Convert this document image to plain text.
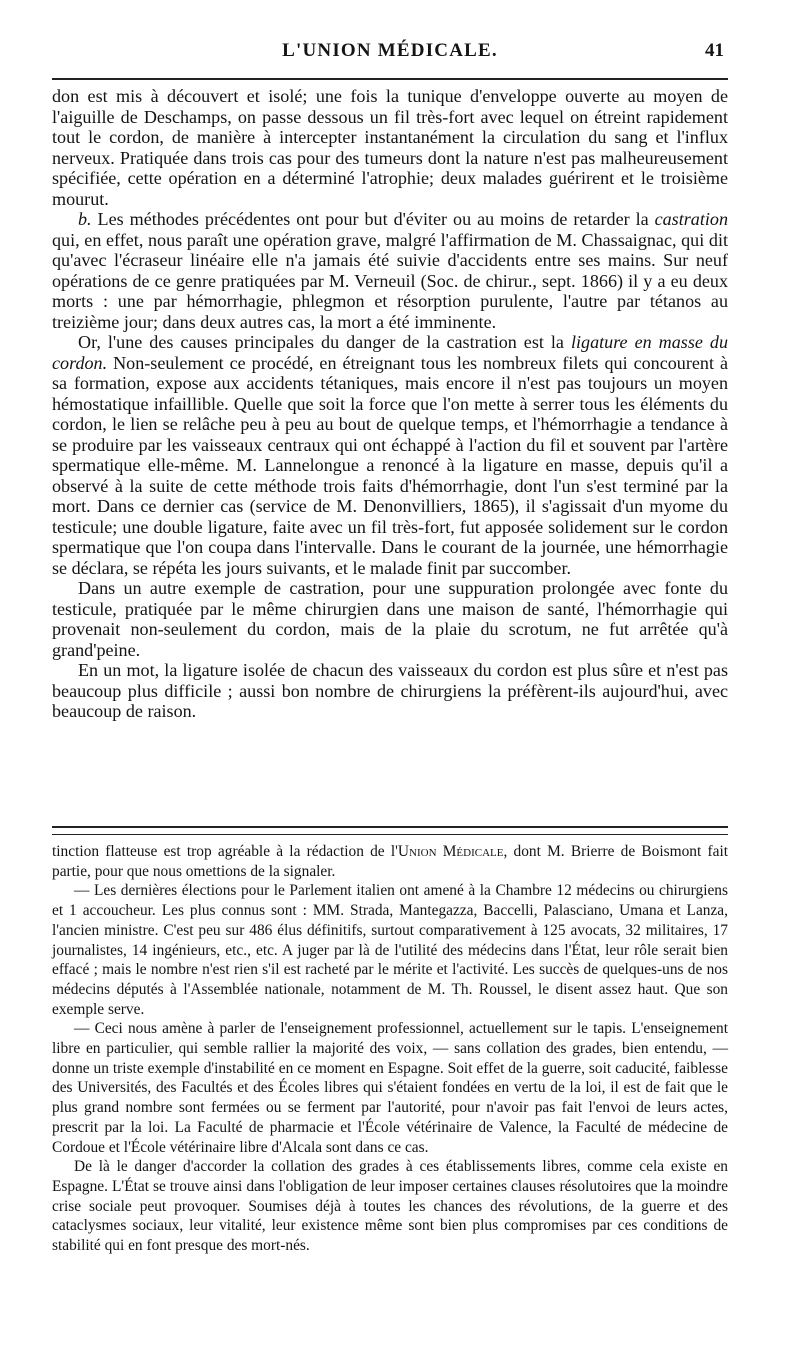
L'UNION MÉDICALE.	41

don est mis à découvert et isolé; une fois la tunique d'enveloppe ouverte au moyen de l'aiguille de Deschamps, on passe dessous un fil très-fort avec lequel on étreint rapidement tout le cordon, de manière à intercepter instantanément la circulation du sang et l'influx nerveux. Pratiquée dans trois cas pour des tumeurs dont la nature n'est pas malheureusement spécifiée, cette opération en a déterminé l'atrophie; deux malades guérirent et le troisième mourut.

b. Les méthodes précédentes ont pour but d'éviter ou au moins de retarder la castration qui, en effet, nous paraît une opération grave, malgré l'affirmation de M. Chassaignac, qui dit qu'avec l'écraseur linéaire elle n'a jamais été suivie d'accidents entre ses mains. Sur neuf opérations de ce genre pratiquées par M. Verneuil (Soc. de chirur., sept. 1866) il y a eu deux morts : une par hémorrhagie, phlegmon et résorption purulente, l'autre par tétanos au treizième jour; dans deux autres cas, la mort a été imminente.

Or, l'une des causes principales du danger de la castration est la ligature en masse du cordon. Non-seulement ce procédé, en étreignant tous les nombreux filets qui concourent à sa formation, expose aux accidents tétaniques, mais encore il n'est pas toujours un moyen hémostatique infaillible. Quelle que soit la force que l'on mette à serrer tous les éléments du cordon, le lien se relâche peu à peu au bout de quelque temps, et l'hémorrhagie a tendance à se produire par les vaisseaux centraux qui ont échappé à l'action du fil et souvent par l'artère spermatique elle-même. M. Lannelongue a renoncé à la ligature en masse, depuis qu'il a observé à la suite de cette méthode trois faits d'hémorrhagie, dont l'un s'est terminé par la mort. Dans ce dernier cas (service de M. Denonvilliers, 1865), il s'agissait d'un myome du testicule; une double ligature, faite avec un fil très-fort, fut apposée solidement sur le cordon spermatique que l'on coupa dans l'intervalle. Dans le courant de la journée, une hémorrhagie se déclara, se répéta les jours suivants, et le malade finit par succomber.

Dans un autre exemple de castration, pour une suppuration prolongée avec fonte du testicule, pratiquée par le même chirurgien dans une maison de santé, l'hémorrhagie qui provenait non-seulement du cordon, mais de la plaie du scrotum, ne fut arrêtée qu'à grand'peine.

En un mot, la ligature isolée de chacun des vaisseaux du cordon est plus sûre et n'est pas beaucoup plus difficile ; aussi bon nombre de chirurgiens la préfèrent-ils aujourd'hui, avec beaucoup de raison.

tinction flatteuse est trop agréable à la rédaction de l'Union Médicale, dont M. Brierre de Boismont fait partie, pour que nous omettions de la signaler.

— Les dernières élections pour le Parlement italien ont amené à la Chambre 12 médecins ou chirurgiens et 1 accoucheur. Les plus connus sont : MM. Strada, Mantegazza, Baccelli, Palasciano, Umana et Lanza, l'ancien ministre. C'est peu sur 486 élus définitifs, surtout comparativement à 125 avocats, 32 militaires, 17 journalistes, 14 ingénieurs, etc., etc. A juger par là de l'utilité des médecins dans l'État, leur rôle serait bien effacé ; mais le nombre n'est rien s'il est racheté par le mérite et l'activité. Les succès de quelques-uns de nos médecins députés à l'Assemblée nationale, notamment de M. Th. Roussel, le disent assez haut. Que son exemple serve.

— Ceci nous amène à parler de l'enseignement professionnel, actuellement sur le tapis. L'enseignement libre en particulier, qui semble rallier la majorité des voix, — sans collation des grades, bien entendu, — donne un triste exemple d'instabilité en ce moment en Espagne. Soit effet de la guerre, soit caducité, faiblesse des Universités, des Facultés et des Écoles libres qui s'étaient fondées en vertu de la loi, il est de fait que le plus grand nombre sont fermées ou se ferment par l'autorité, pour n'avoir pas fait l'envoi de leurs actes, prescrit par la loi. La Faculté de pharmacie et l'École vétérinaire de Valence, la Faculté de médecine de Cordoue et l'École vétérinaire libre d'Alcala sont dans ce cas.

De là le danger d'accorder la collation des grades à ces établissements libres, comme cela existe en Espagne. L'État se trouve ainsi dans l'obligation de leur imposer certaines clauses résolutoires que la moindre crise sociale peut provoquer. Soumises déjà à toutes les chances des révolutions, de la guerre et des cataclysmes sociaux, leur vitalité, leur existence même sont bien plus compromises par ces conditions de stabilité qui en font presque des mort-nés.
